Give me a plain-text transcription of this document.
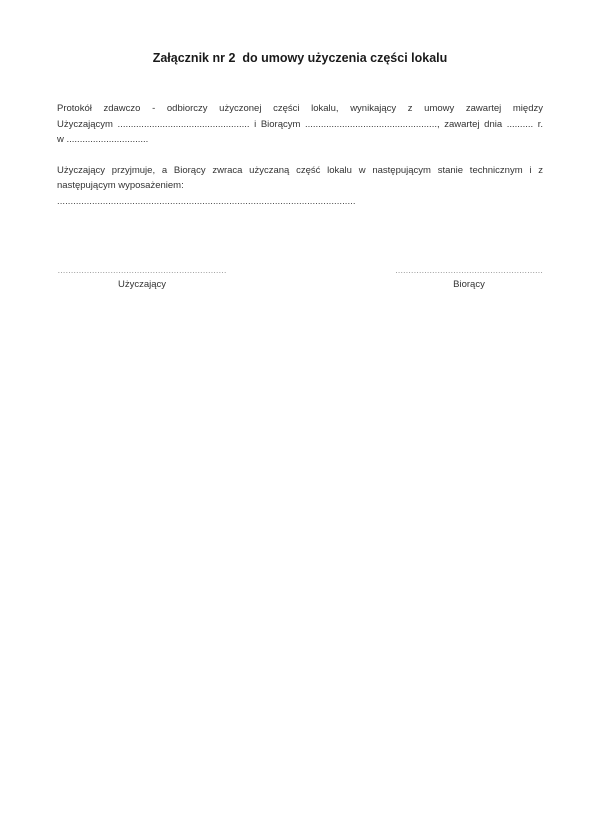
Załącznik nr 2  do umowy użyczenia części lokalu
Protokół zdawczo - odbiorczy użyczonej części lokalu, wynikający z umowy zawartej między
Użyczającym .................................................. i Biorącym .................................................., zawartej dnia .......... r.
w ...............................
Użyczający przyjmuje, a Biorący zwraca użyczaną część lokalu w następującym stanie technicznym i z
następującym wyposażeniem:
...............................................................................................................
................................................................
Użyczający
........................................................
Biorący
